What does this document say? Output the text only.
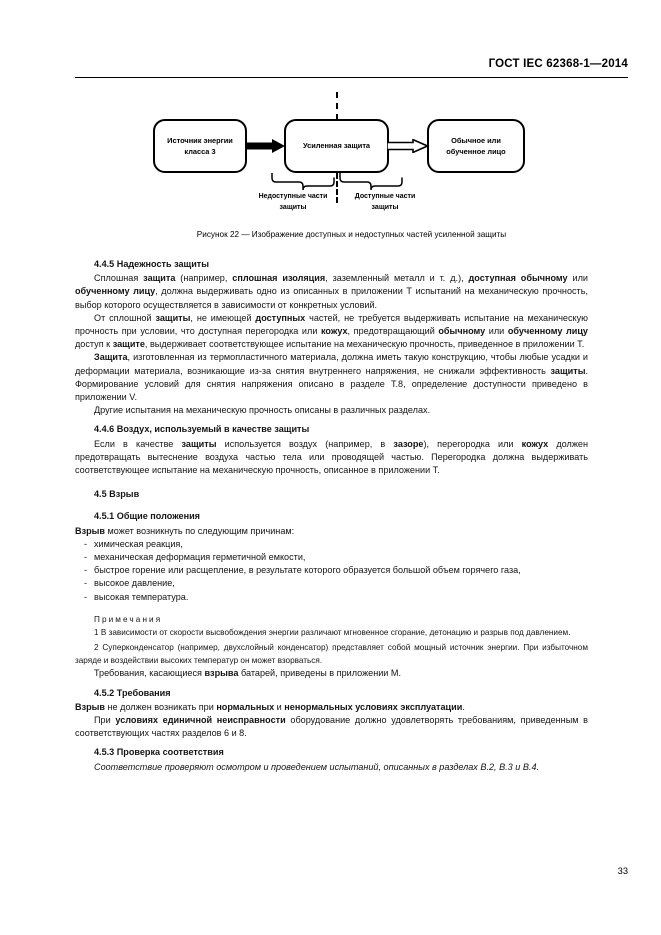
ГОСТ IEC 62368-1—2014
Источник энергии класса 3
Усиленная защита
Обычное или обученное лицо
Недоступные части защиты
Доступные части защиты
Рисунок 22 — Изображение доступных и недоступных частей усиленной защиты
4.4.5 Надежность защиты

Сплошная защита (например, сплошная изоляция, заземленный металл и т. д.), доступная обычному или обученному лицу, должна выдерживать одно из описанных в приложении Т испытаний на механическую прочность, выбор которого осуществляется в зависимости от конкретных условий.

От сплошной защиты, не имеющей доступных частей, не требуется выдерживать испытание на механическую прочность при условии, что доступная перегородка или кожух, предотвращающий обычному или обученному лицу доступ к защите, выдерживает соответствующее испытание на механическую прочность, приведенное в приложении Т.

Защита, изготовленная из термопластичного материала, должна иметь такую конструкцию, чтобы любые усадки и деформации материала, возникающие из-за снятия внутреннего напряжения, не снижали эффективность защиты. Формирование условий для снятия напряжения описано в разделе Т.8, определение доступности приведено в приложении V.

Другие испытания на механическую прочность описаны в различных разделах.

4.4.6 Воздух, используемый в качестве защиты

Если в качестве защиты используется воздух (например, в зазоре), перегородка или кожух должен предотвращать вытеснение воздуха частью тела или проводящей частью. Перегородка должна выдерживать соответствующее испытание на механическую прочность, описанное в приложении Т.

4.5 Взрыв
4.5.1 Общие положения

Взрыв может возникнуть по следующим причинам:

- химическая реакция,
- механическая деформация герметичной емкости,
- быстрое горение или расщепление, в результате которого образуется большой объем горячего газа,
- высокое давление,
- высокая температура.
Примечания

1 В зависимости от скорости высвобождения энергии различают мгновенное сгорание, детонацию и разрыв под давлением.

2 Суперконденсатор (например, двухслойный конденсатор) представляет собой мощный источник энергии. При избыточном заряде и воздействии высоких температур он может взорваться.

Требования, касающиеся взрыва батарей, приведены в приложении М.

4.5.2 Требования

Взрыв не должен возникать при нормальных и ненормальных условиях эксплуатации.

При условиях единичной неисправности оборудование должно удовлетворять требованиям, приведенным в соответствующих частях разделов 6 и 8.

4.5.3 Проверка соответствия

Соответствие проверяют осмотром и проведением испытаний, описанных в разделах В.2, В.3 и В.4.

33
